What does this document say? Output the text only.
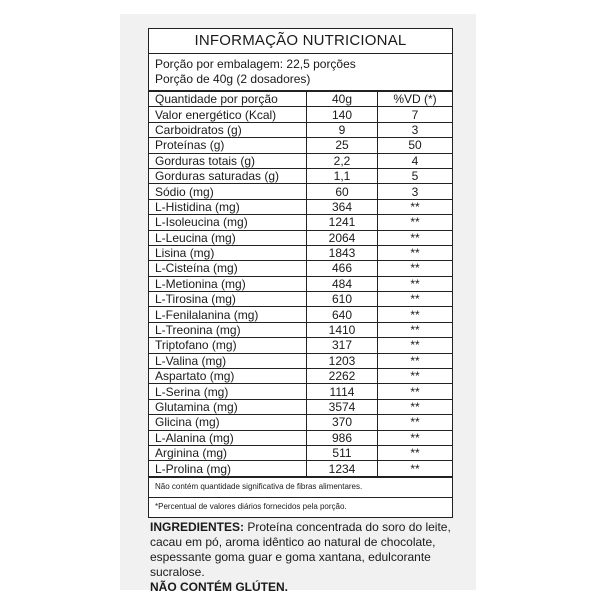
INFORMAÇÃO NUTRICIONAL
Porção por embalagem: 22,5 porções
Porção de 40g (2 dosadores)
Quantidade por porção	40g	%VD (*)
Valor energético (Kcal)	140	7
Carboidratos (g)	9	3
Proteínas (g)	25	50
Gorduras totais (g)	2,2	4
Gorduras saturadas (g)	1,1	5
Sódio (mg)	60	3
L-Histidina (mg)	364	**
L-Isoleucina (mg)	1241	**
L-Leucina (mg)	2064	**
Lisina (mg)	1843	**
L-Cisteína (mg)	466	**
L-Metionina (mg)	484	**
L-Tirosina (mg)	610	**
L-Fenilalanina (mg)	640	**
L-Treonina (mg)	1410	**
Triptofano (mg)	317	**
L-Valina (mg)	1203	**
Aspartato (mg)	2262	**
L-Serina (mg)	1114	**
Glutamina (mg)	3574	**
Glicina (mg)	370	**
L-Alanina (mg)	986	**
Arginina (mg)	511	**
L-Prolina (mg)	1234	**
Não contém quantidade significativa de fibras alimentares.
*Percentual de valores diários fornecidos pela porção.
INGREDIENTES: Proteína concentrada do soro do leite, cacau em pó, aroma idêntico ao natural de chocolate, espessante goma guar e goma xantana, edulcorante sucralose.
NÃO CONTÉM GLÚTEN.
